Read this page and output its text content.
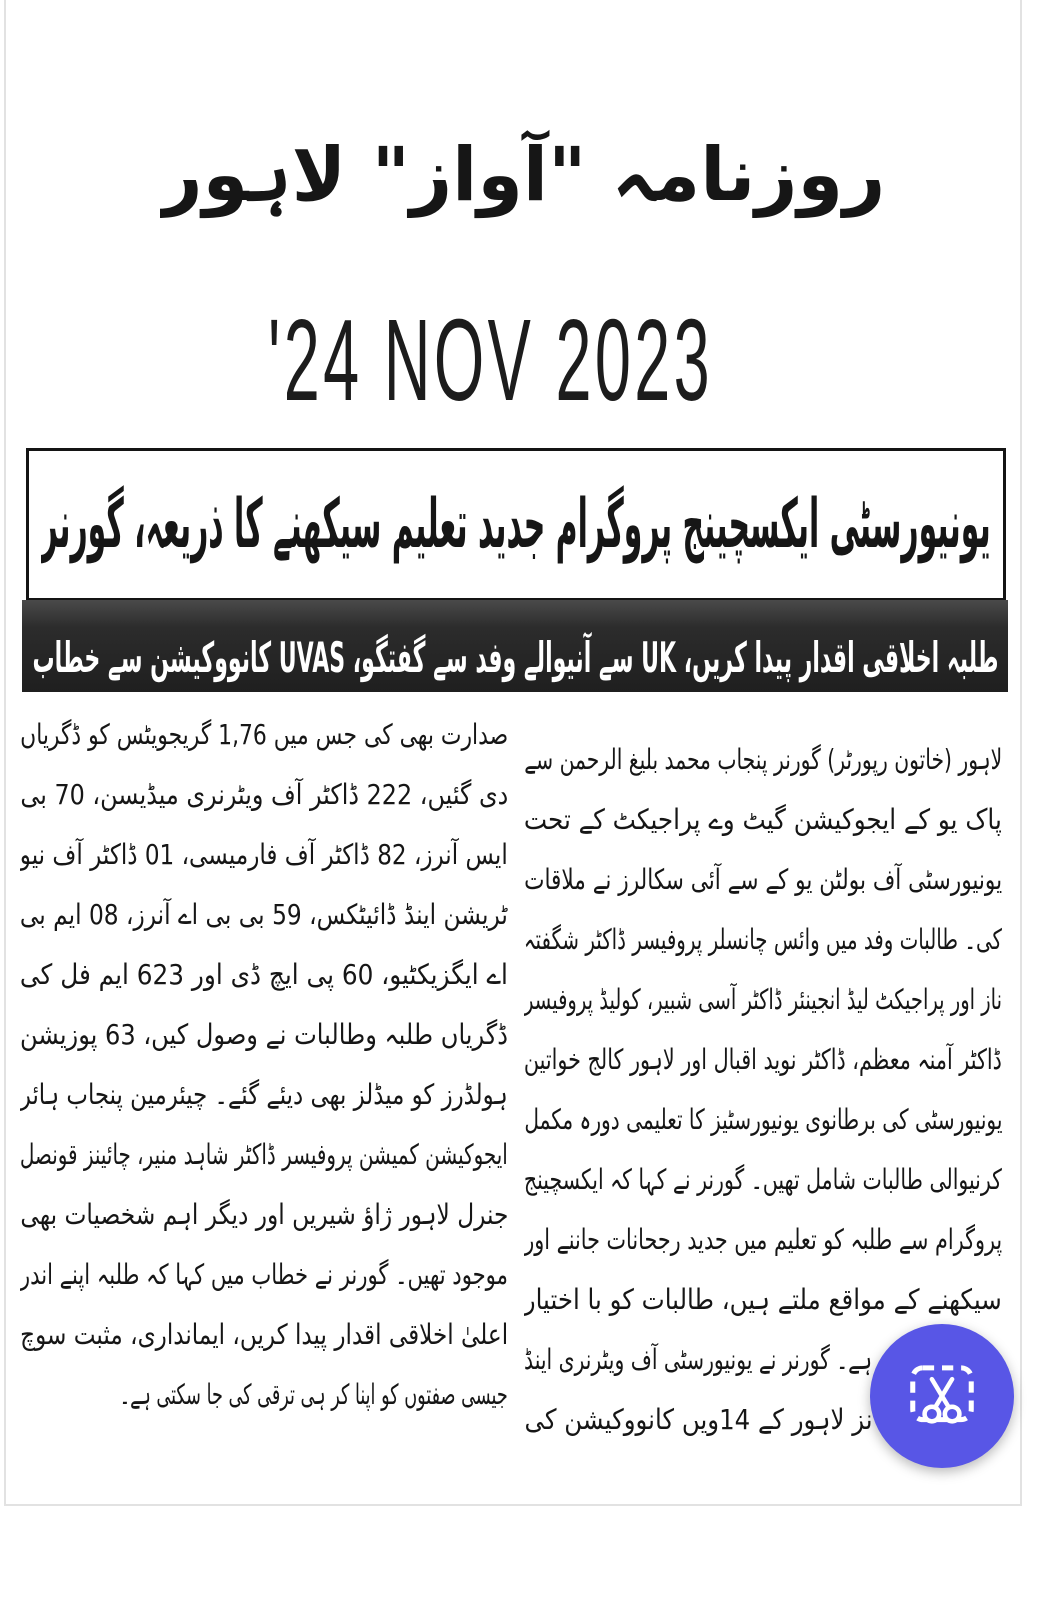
روزنامہ "آواز" لاہور
'24 NOV 2023
یونیورسٹی ایکسچینج پروگرام جدید تعلیم سیکھنے کا ذریعہ، گورنر
طلبہ اخلاقی اقدار پیدا کریں، UK سے آنیوالے وفد سے گفتگو، UVAS کانووکیشن سے خطاب
لاہور (خاتون رپورٹر) گورنر پنجاب محمد بلیغ الرحمن سے
پاک یو کے ایجوکیشن گیٹ وے پراجیکٹ کے تحت
یونیورسٹی آف بولٹن یو کے سے آئی سکالرز نے ملاقات
کی۔ طالبات وفد میں وائس چانسلر پروفیسر ڈاکٹر شگفتہ
ناز اور پراجیکٹ لیڈ انجینئر ڈاکٹر آسی شبیر، کولیڈ پروفیسر
ڈاکٹر آمنہ معظم، ڈاکٹر نوید اقبال اور لاہور کالج خواتین
یونیورسٹی کی برطانوی یونیورسٹیز کا تعلیمی دورہ مکمل
کرنیوالی طالبات شامل تھیں۔ گورنر نے کہا کہ ایکسچینج
پروگرام سے طلبہ کو تعلیم میں جدید رجحانات جاننے اور
سیکھنے کے مواقع ملتے ہیں، طالبات کو با اختیار
ہے۔ گورنر نے یونیورسٹی آف ویٹرنری اینڈ
نز لاہور کے 14ویں کانووکیشن کی
صدارت بھی کی جس میں 1,76 گریجویٹس کو ڈگریاں
دی گئیں، 222 ڈاکٹر آف ویٹرنری میڈیسن، 70 بی
ایس آنرز، 82 ڈاکٹر آف فارمیسی، 01 ڈاکٹر آف نیو
ٹریشن اینڈ ڈائیٹکس، 59 بی بی اے آنرز، 08 ایم بی
اے ایگزیکٹیو، 60 پی ایچ ڈی اور 623 ایم فل کی
ڈگریاں طلبہ وطالبات نے وصول کیں، 63 پوزیشن
ہولڈرز کو میڈلز بھی دیئے گئے۔ چیئرمین پنجاب ہائر
ایجوکیشن کمیشن پروفیسر ڈاکٹر شاہد منیر، چائینز قونصل
جنرل لاہور ژاؤ شیریں اور دیگر اہم شخصیات بھی
موجود تھیں۔ گورنر نے خطاب میں کہا کہ طلبہ اپنے اندر
اعلیٰ اخلاقی اقدار پیدا کریں، ایمانداری، مثبت سوچ
جیسی صفتوں کو اپنا کر ہی ترقی کی جا سکتی ہے۔
